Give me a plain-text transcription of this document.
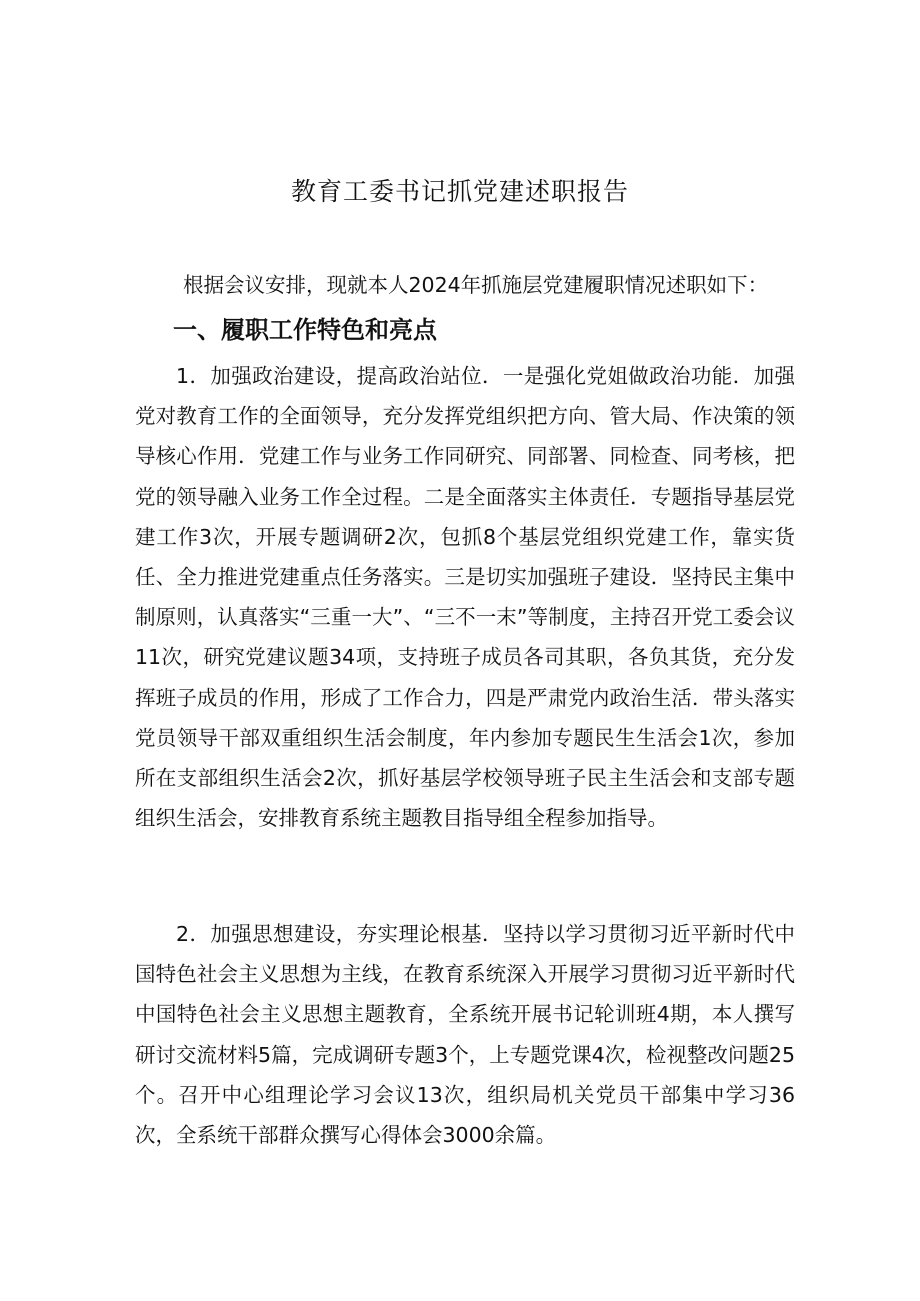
教育工委书记抓党建述职报告
根据会议安排，现就本人2024年抓施层党建履职情况述职如下：
一、履职工作特色和亮点

1．加强政治建设，提高政治站位．一是强化党姐做政治功能．加强党对教育工作的全面领导，充分发挥党组织把方向、管大局、作决策的领导核心作用．党建工作与业务工作同研究、同部署、同检查、同考核，把党的领导融入业务工作全过程。二是全面落实主体责任．专题指导基层党建工作3次，开展专题调研2次，包抓8个基层党组织党建工作，靠实货任、全力推进党建重点任务落实。三是切实加强班子建设．坚持民主集中制原则，认真落实“三重一大”、“三不一末”等制度，主持召开党工委会议11次，研究党建议题34项，支持班子成员各司其职，各负其货，充分发挥班子成员的作用，形成了工作合力，四是严肃党内政治生活．带头落实党员领导干部双重组织生活会制度，年内参加专题民生生活会1次，参加所在支部组织生活会2次，抓好基层学校领导班子民主生活会和支部专题组织生活会，安排教育系统主题教目指导组全程参加指导。

2．加强思想建设，夯实理论根基．坚持以学习贯彻习近平新时代中国特色社会主义思想为主线，在教育系统深入开展学习贯彻习近平新时代中国特色社会主义思想主题教育，全系统开展书记轮训班4期，本人撰写研讨交流材料5篇，完成调研专题3个，上专题党课4次，检视整改问题25个。召开中心组理论学习会议13次，组织局机关党员干部集中学习36次，全系统干部群众撰写心得体会3000余篇。
